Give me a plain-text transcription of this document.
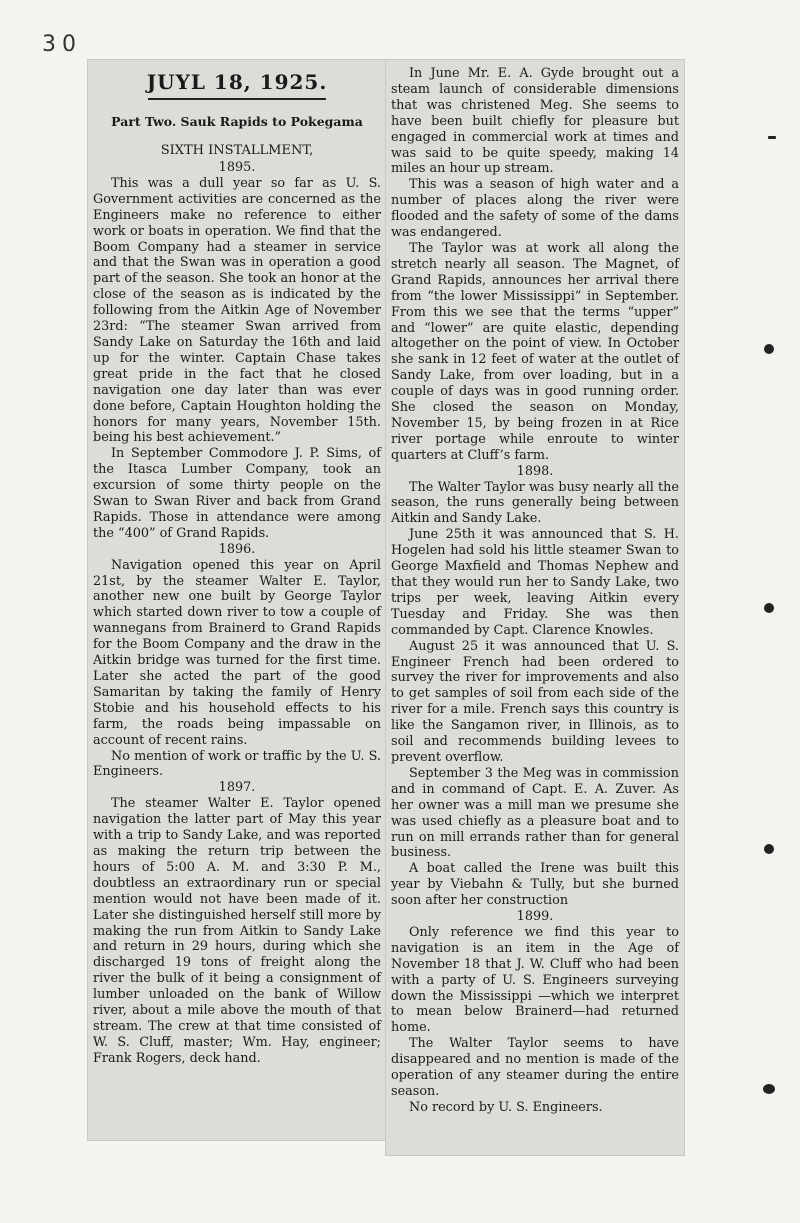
30
JUYL 18, 1925.
Part Two. Sauk Rapids to Pokegama
SIXTH INSTALLMENT,
1895.

This was a dull year so far as U. S. Government activities are concerned as the Engineers make no reference to either work or boats in operation. We find that the Boom Company had a steamer in service and that the Swan was in operation a good part of the season. She took an honor at the close of the season as is indicated by the following from the Aitkin Age of November 23rd: “The steamer Swan arrived from Sandy Lake on Saturday the 16th and laid up for the winter. Captain Chase takes great pride in the fact that he closed navigation one day later than was ever done before, Captain Houghton holding the honors for many years, November 15th. being his best achievement.”

In September Commodore J. P. Sims, of the Itasca Lumber Company, took an excursion of some thirty people on the Swan to Swan River and back from Grand Rapids. Those in attendance were among the “400” of Grand Rapids.

1896.

Navigation opened this year on April 21st, by the steamer Walter E. Taylor, another new one built by George Taylor which started down river to tow a couple of wannegans from Brainerd to Grand Rapids for the Boom Company and the draw in the Aitkin bridge was turned for the first time. Later she acted the part of the good Samaritan by taking the family of Henry Stobie and his household effects to his farm, the roads being impassable on account of recent rains.

No mention of work or traffic by the U. S. Engineers.

1897.

The steamer Walter E. Taylor opened navigation the latter part of May this year with a trip to Sandy Lake, and was reported as making the return trip between the hours of 5:00 A. M. and 3:30 P. M., doubtless an extraordinary run or special mention would not have been made of it. Later she distinguished herself still more by making the run from Aitkin to Sandy Lake and return in 29 hours, during which she discharged 19 tons of freight along the river the bulk of it being a consignment of lumber unloaded on the bank of Willow river, about a mile above the mouth of that stream. The crew at that time consisted of W. S. Cluff, master; Wm. Hay, engineer; Frank Rogers, deck hand.

In June Mr. E. A. Gyde brought out a steam launch of considerable dimensions that was christened Meg. She seems to have been built chiefly for pleasure but engaged in commercial work at times and was said to be quite speedy, making 14 miles an hour up stream.

This was a season of high water and a number of places along the river were flooded and the safety of some of the dams was endangered.

The Taylor was at work all along the stretch nearly all season. The Magnet, of Grand Rapids, announces her arrival there from “the lower Mississippi” in September. From this we see that the terms “upper” and “lower” are quite elastic, depending altogether on the point of view. In October she sank in 12 feet of water at the outlet of Sandy Lake, from over loading, but in a couple of days was in good running order. She closed the season on Monday, November 15, by being frozen in at Rice river portage while enroute to winter quarters at Cluff’s farm.

1898.

The Walter Taylor was busy nearly all the season, the runs generally being between Aitkin and Sandy Lake.

June 25th it was announced that S. H. Hogelen had sold his little steamer Swan to George Maxfield and Thomas Nephew and that they would run her to Sandy Lake, two trips per week, leaving Aitkin every Tuesday and Friday. She was then commanded by Capt. Clarence Knowles.

August 25 it was announced that U. S. Engineer French had been ordered to survey the river for improvements and also to get samples of soil from each side of the river for a mile. French says this country is like the Sangamon river, in Illinois, as to soil and recommends building levees to prevent overflow.

September 3 the Meg was in commission and in command of Capt. E. A. Zuver. As her owner was a mill man we presume she was used chiefly as a pleasure boat and to run on mill errands rather than for general business.

A boat called the Irene was built this year by Viebahn & Tully, but she burned soon after her construction

1899.

Only reference we find this year to navigation is an item in the Age of November 18 that J. W. Cluff who had been with a party of U. S. Engineers surveying down the Mississippi —which we interpret to mean below Brainerd—had returned home.

The Walter Taylor seems to have disappeared and no mention is made of the operation of any steamer during the entire season.

No record by U. S. Engineers.
